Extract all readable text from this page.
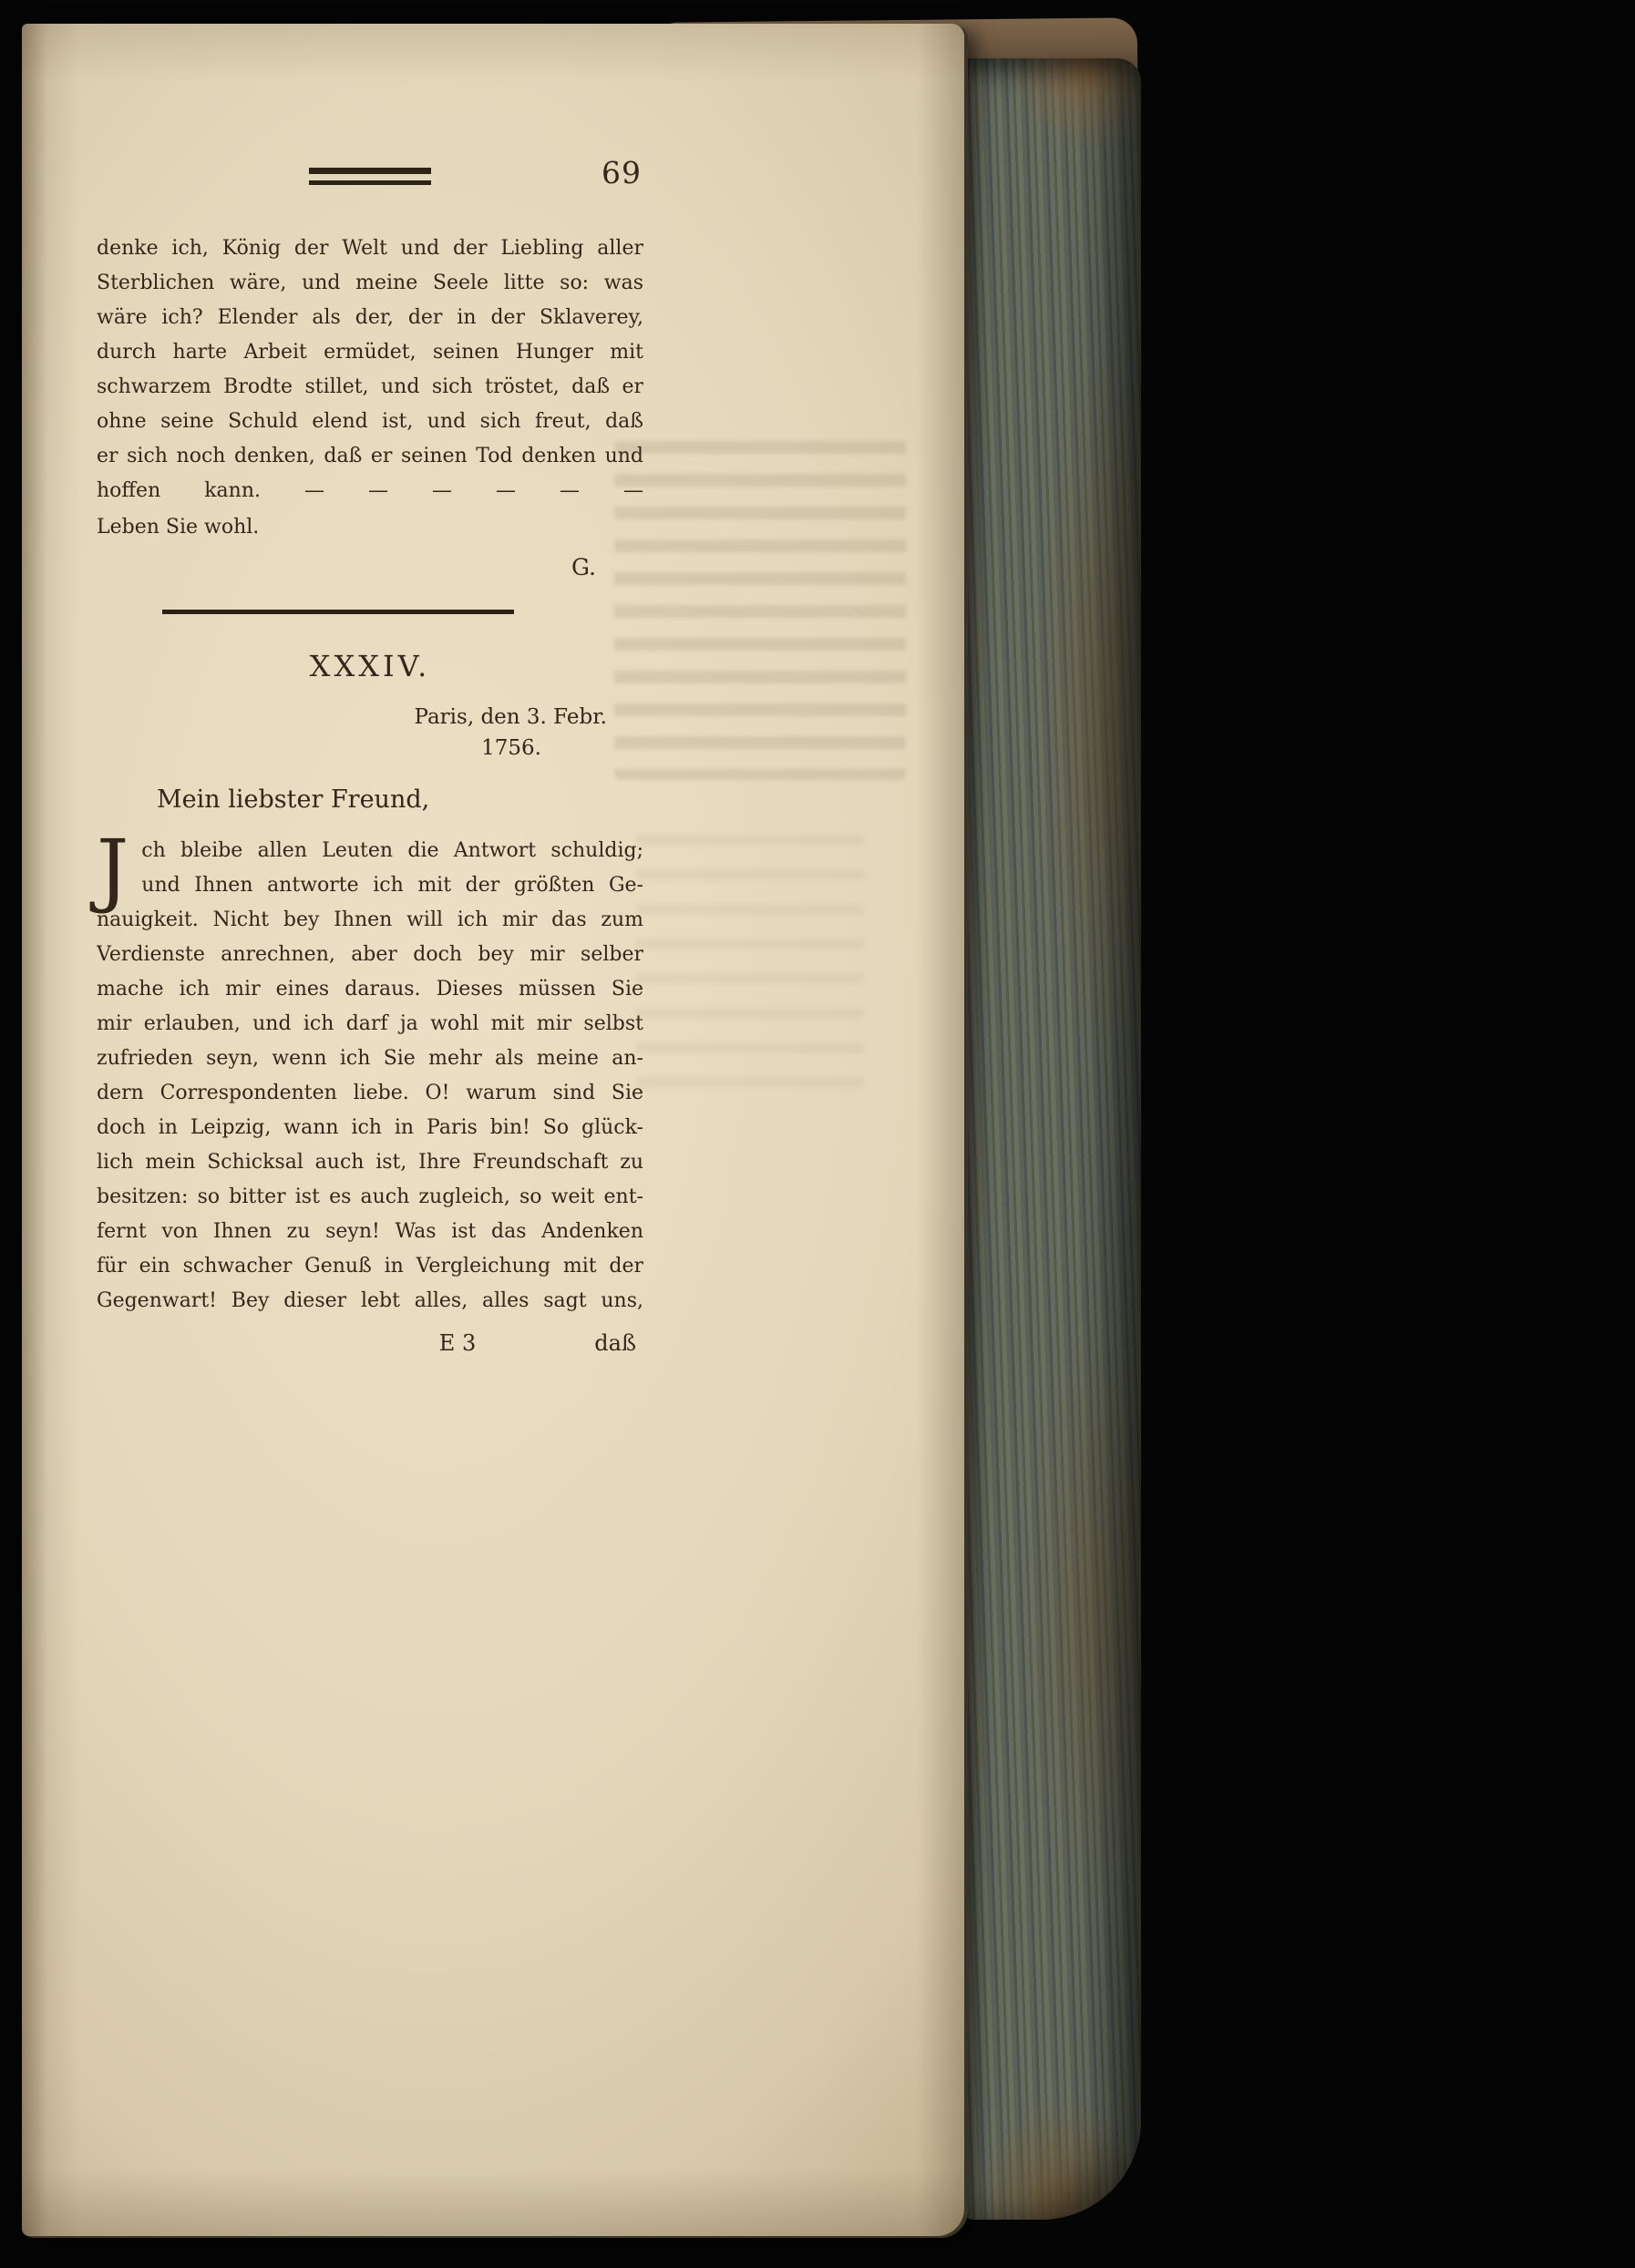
69
denke ich, König der Welt und der Liebling aller
Sterblichen wäre, und meine Seele litte so: was
wäre ich? Elender als der, der in der Sklaverey,
durch harte Arbeit ermüdet, seinen Hunger mit
schwarzem Brodte stillet, und sich tröstet, daß er
ohne seine Schuld elend ist, und sich freut, daß
er sich noch denken, daß er seinen Tod denken und
hoffen kann. — — — — — —
Leben Sie wohl.
G.
XXXIV.
Paris, den 3. Febr.
1756.
Mein liebster Freund,
J ch bleibe allen Leuten die Antwort schuldig;
und Ihnen antworte ich mit der größten Ge-
nauigkeit. Nicht bey Ihnen will ich mir das zum
Verdienste anrechnen, aber doch bey mir selber
mache ich mir eines daraus. Dieses müssen Sie
mir erlauben, und ich darf ja wohl mit mir selbst
zufrieden seyn, wenn ich Sie mehr als meine an-
dern Correspondenten liebe. O! warum sind Sie
doch in Leipzig, wann ich in Paris bin! So glück-
lich mein Schicksal auch ist, Ihre Freundschaft zu
besitzen: so bitter ist es auch zugleich, so weit ent-
fernt von Ihnen zu seyn! Was ist das Andenken
für ein schwacher Genuß in Vergleichung mit der
Gegenwart! Bey dieser lebt alles, alles sagt uns,
E 3	daß
